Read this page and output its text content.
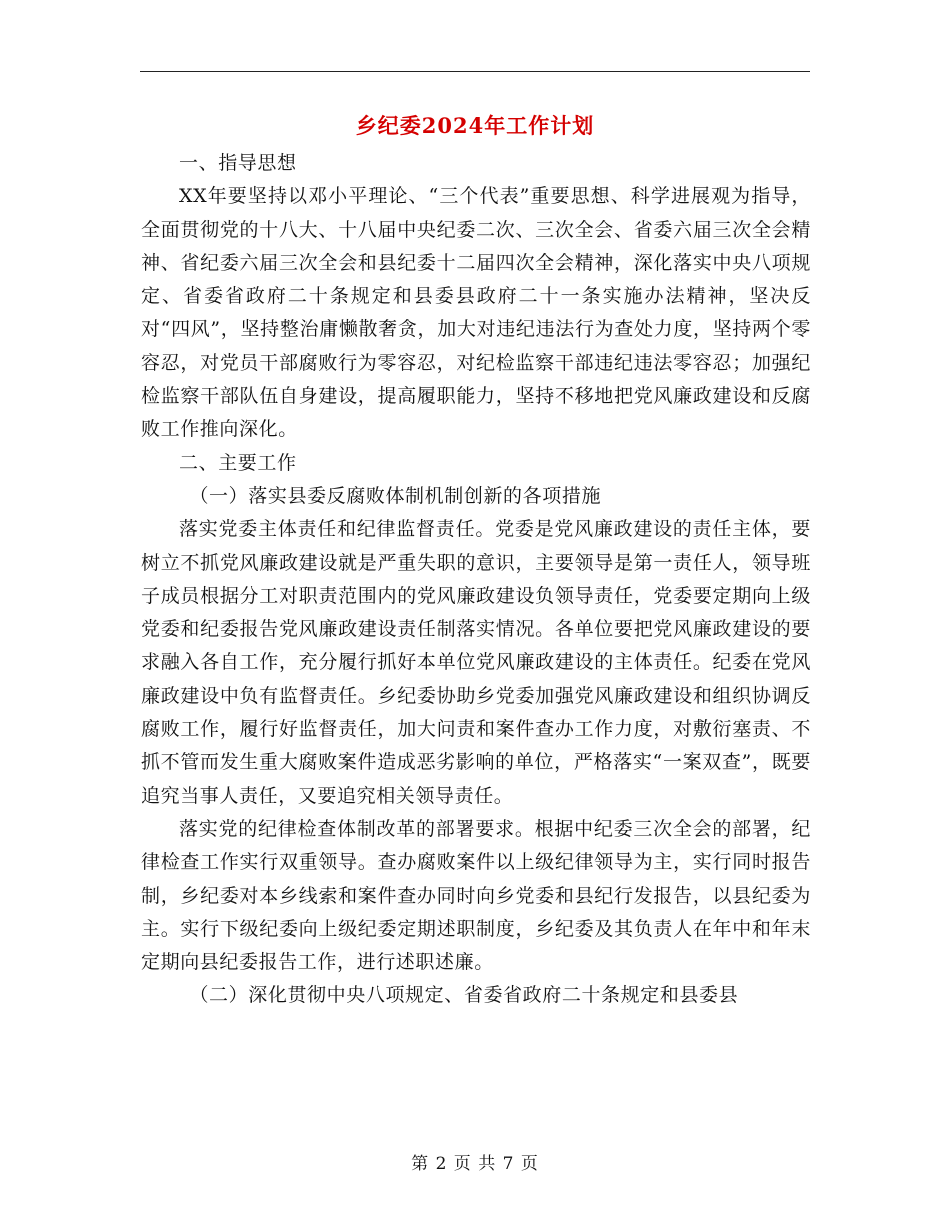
乡纪委2024年工作计划

一、指导思想

XX年要坚持以邓小平理论、“三个代表”重要思想、科学进展观为指导，全面贯彻党的十八大、十八届中央纪委二次、三次全会、省委六届三次全会精神、省纪委六届三次全会和县纪委十二届四次全会精神，深化落实中央八项规定、省委省政府二十条规定和县委县政府二十一条实施办法精神，坚决反对“四风”，坚持整治庸懒散奢贪，加大对违纪违法行为查处力度，坚持两个零容忍，对党员干部腐败行为零容忍，对纪检监察干部违纪违法零容忍；加强纪检监察干部队伍自身建设，提高履职能力，坚持不移地把党风廉政建设和反腐败工作推向深化。

二、主要工作

（一）落实县委反腐败体制机制创新的各项措施

落实党委主体责任和纪律监督责任。党委是党风廉政建设的责任主体，要树立不抓党风廉政建设就是严重失职的意识，主要领导是第一责任人，领导班子成员根据分工对职责范围内的党风廉政建设负领导责任，党委要定期向上级党委和纪委报告党风廉政建设责任制落实情况。各单位要把党风廉政建设的要求融入各自工作，充分履行抓好本单位党风廉政建设的主体责任。纪委在党风廉政建设中负有监督责任。乡纪委协助乡党委加强党风廉政建设和组织协调反腐败工作，履行好监督责任，加大问责和案件查办工作力度，对敷衍塞责、不抓不管而发生重大腐败案件造成恶劣影响的单位，严格落实“一案双查”，既要追究当事人责任，又要追究相关领导责任。

落实党的纪律检查体制改革的部署要求。根据中纪委三次全会的部署，纪律检查工作实行双重领导。查办腐败案件以上级纪律领导为主，实行同时报告制，乡纪委对本乡线索和案件查办同时向乡党委和县纪行发报告，以县纪委为主。实行下级纪委向上级纪委定期述职制度，乡纪委及其负责人在年中和年末定期向县纪委报告工作，进行述职述廉。

（二）深化贯彻中央八项规定、省委省政府二十条规定和县委县

第 2 页 共 7 页
